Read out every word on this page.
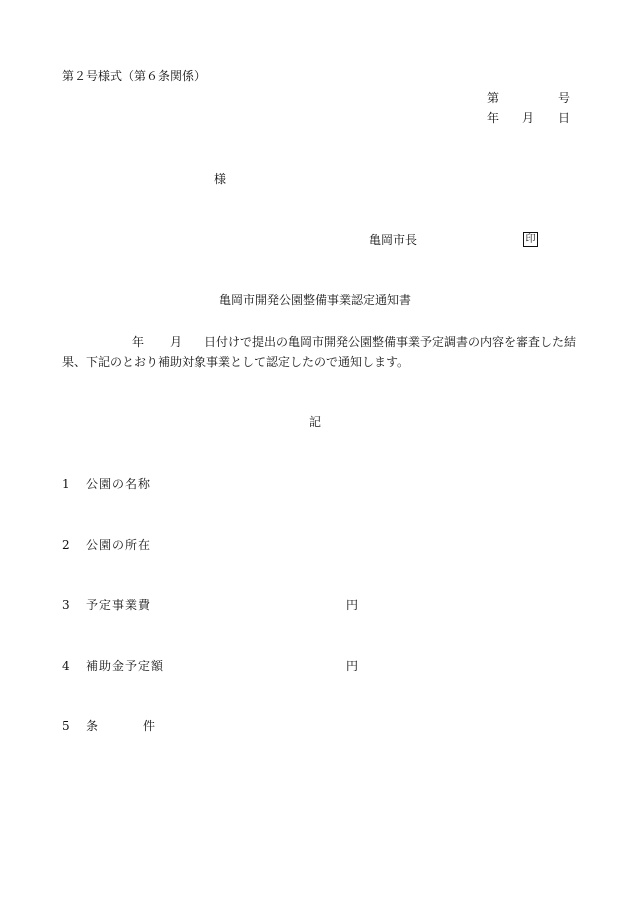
第２号様式（第６条関係）
第	号
年 月 日
様
亀岡市長	印
亀岡市開発公園整備事業認定通知書
年 月 日付けで提出の亀岡市開発公園整備事業予定調書の内容を審査した結
果、下記のとおり補助対象事業として認定したので通知します。
記
1 公園の名称
2 公園の所在
3 予定事業費	円
4 補助金予定額	円
5 条	件
